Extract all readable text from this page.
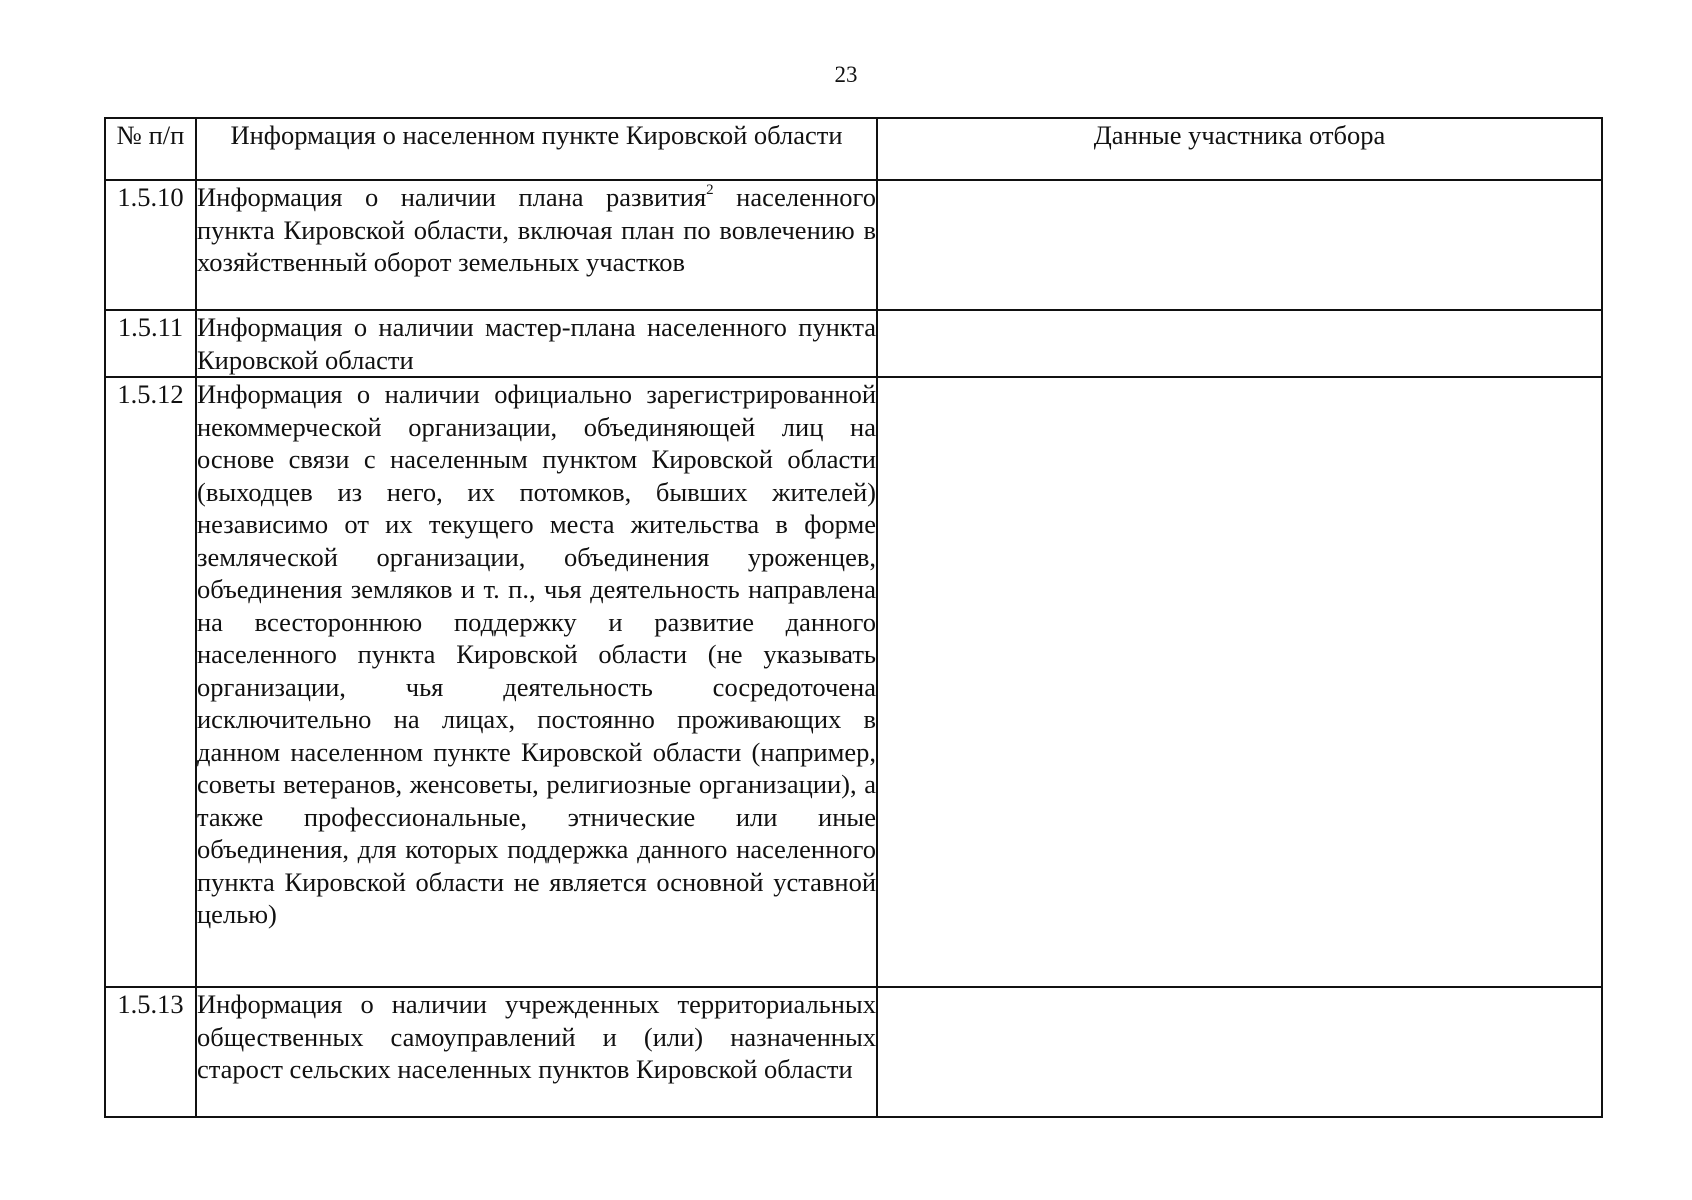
23
№ п/п	Информация о населенном пункте Кировской области	Данные участника отбора
1.5.10	Информация о наличии плана развития$^2$ населенного пункта Кировской области, включая план по вовлечению в хозяйственный оборот земельных участков	
1.5.11	Информация о наличии мастер-плана населенного пункта Кировской области	
1.5.12	Информация о наличии официально зарегистрированной некоммерческой организации, объединяющей лиц на основе связи с населенным пунктом Кировской области (выходцев из него, их потомков, бывших жителей) независимо от их текущего места жительства в форме земляческой организации, объединения уроженцев, объединения земляков и т. п., чья деятельность направлена на всестороннюю поддержку и развитие данного населенного пункта Кировской области (не указывать организации, чья деятельность сосредоточена исключительно на лицах, постоянно проживающих в данном населенном пункте Кировской области (например, советы ветеранов, женсоветы, религиозные организации), а также профессиональные, этнические или иные объединения, для которых поддержка данного населенного пункта Кировской области не является основной уставной целью)	
1.5.13	Информация о наличии учрежденных территориальных общественных самоуправлений и (или) назначенных старост сельских населенных пунктов Кировской области	
